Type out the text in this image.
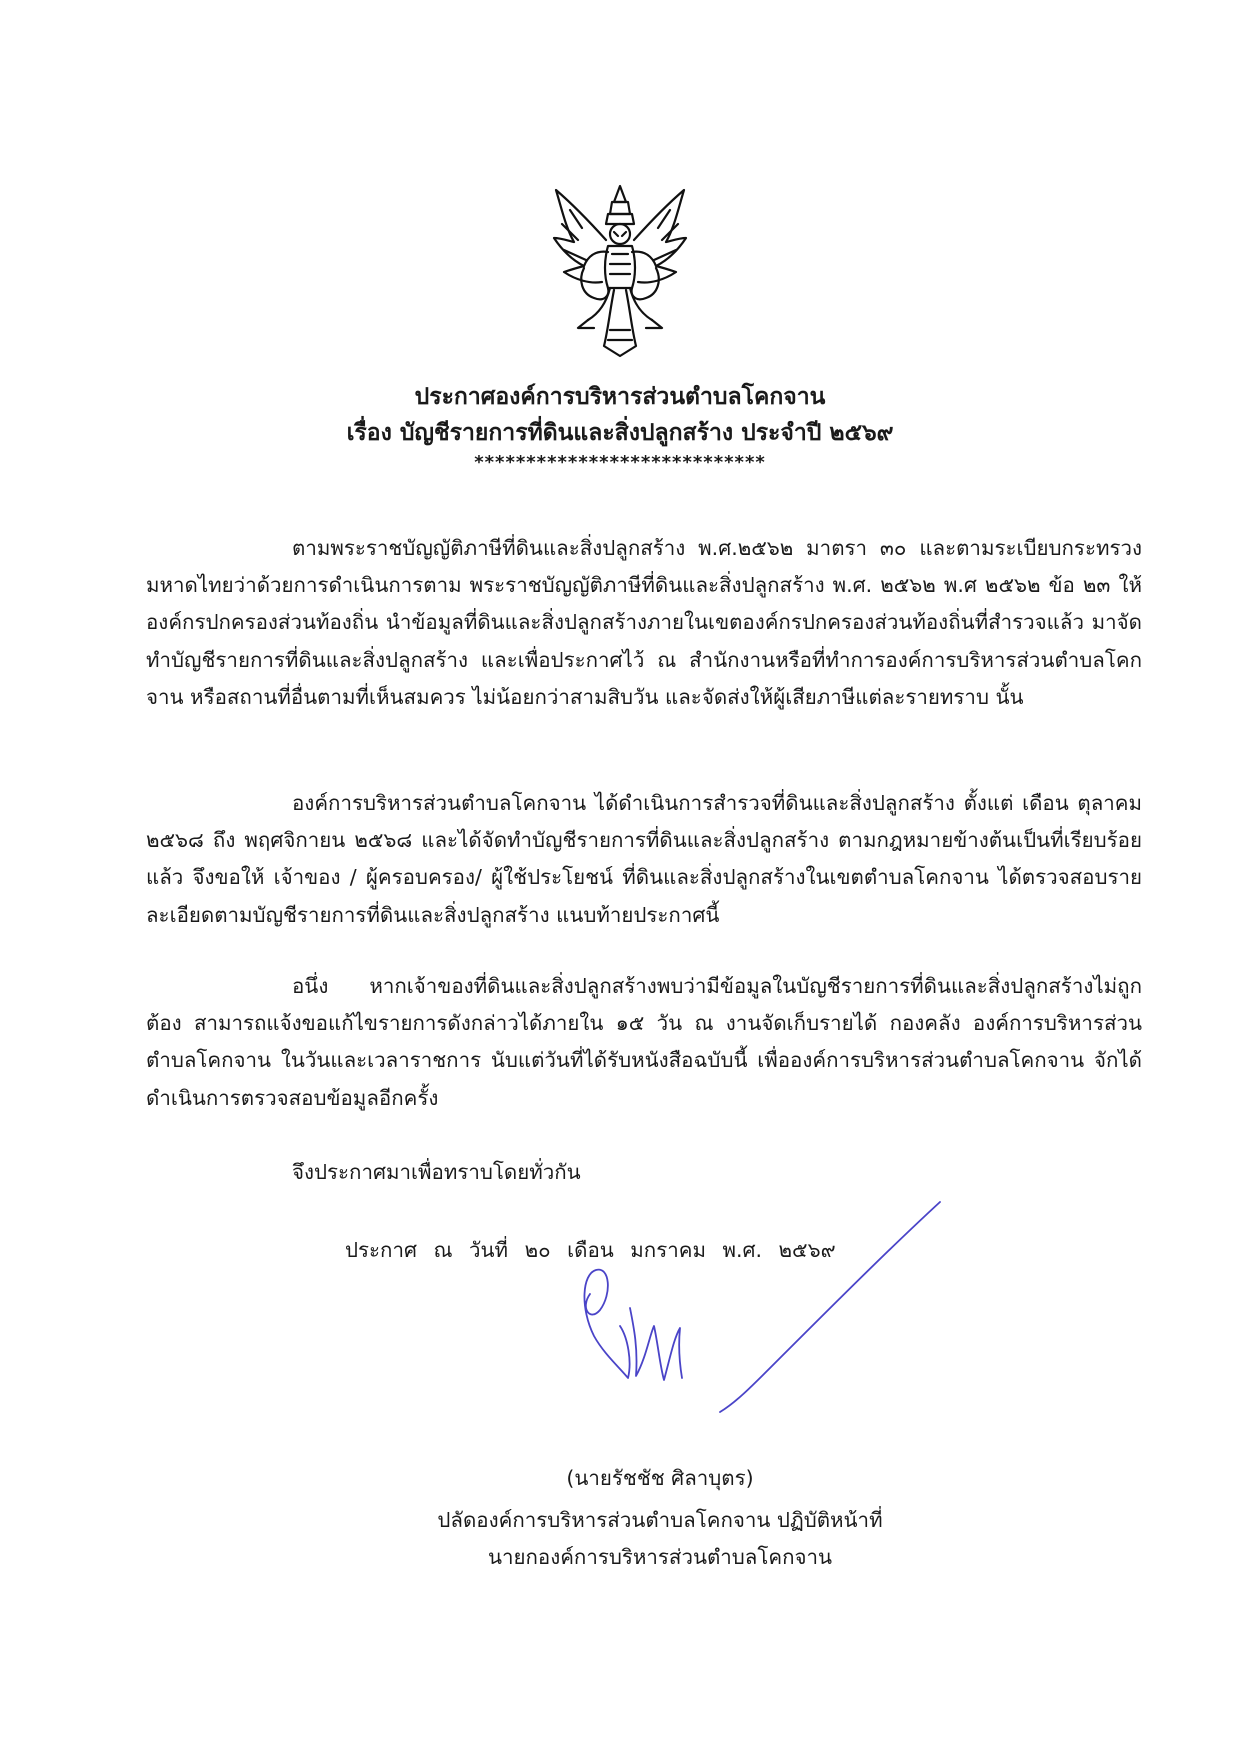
ประกาศองค์การบริหารส่วนตำบลโคกจาน
เรื่อง บัญชีรายการที่ดินและสิ่งปลูกสร้าง ประจำปี ๒๕๖๙
****************************
ตามพระราชบัญญัติภาษีที่ดินและสิ่งปลูกสร้าง พ.ศ.๒๕๖๒ มาตรา ๓๐ และตามระเบียบกระทรวงมหาดไทยว่าด้วยการดำเนินการตาม พระราชบัญญัติภาษีที่ดินและสิ่งปลูกสร้าง พ.ศ. ๒๕๖๒ พ.ศ ๒๕๖๒ ข้อ ๒๓ ให้องค์กรปกครองส่วนท้องถิ่น นำข้อมูลที่ดินและสิ่งปลูกสร้างภายในเขตองค์กรปกครองส่วนท้องถิ่นที่สำรวจแล้ว มาจัดทำบัญชีรายการที่ดินและสิ่งปลูกสร้าง และเพื่อประกาศไว้ ณ สำนักงานหรือที่ทำการองค์การบริหารส่วนตำบลโคกจาน หรือสถานที่อื่นตามที่เห็นสมควร ไม่น้อยกว่าสามสิบวัน และจัดส่งให้ผู้เสียภาษีแต่ละรายทราบ นั้น
องค์การบริหารส่วนตำบลโคกจาน ได้ดำเนินการสำรวจที่ดินและสิ่งปลูกสร้าง ตั้งแต่ เดือน ตุลาคม ๒๕๖๘ ถึง พฤศจิกายน ๒๕๖๘ และได้จัดทำบัญชีรายการที่ดินและสิ่งปลูกสร้าง ตามกฎหมายข้างต้นเป็นที่เรียบร้อยแล้ว จึงขอให้ เจ้าของ / ผู้ครอบครอง/ ผู้ใช้ประโยชน์ ที่ดินและสิ่งปลูกสร้างในเขตตำบลโคกจาน ได้ตรวจสอบรายละเอียดตามบัญชีรายการที่ดินและสิ่งปลูกสร้าง แนบท้ายประกาศนี้
อนึ่ง หากเจ้าของที่ดินและสิ่งปลูกสร้างพบว่ามีข้อมูลในบัญชีรายการที่ดินและสิ่งปลูกสร้างไม่ถูกต้อง สามารถแจ้งขอแก้ไขรายการดังกล่าวได้ภายใน ๑๕ วัน ณ งานจัดเก็บรายได้ กองคลัง องค์การบริหารส่วนตำบลโคกจาน ในวันและเวลาราชการ นับแต่วันที่ได้รับหนังสือฉบับนี้ เพื่อองค์การบริหารส่วนตำบลโคกจาน จักได้ดำเนินการตรวจสอบข้อมูลอีกครั้ง
จึงประกาศมาเพื่อทราบโดยทั่วกัน
ประกาศ ณ วันที่ ๒๐ เดือน มกราคม พ.ศ. ๒๕๖๙
(นายรัชชัช ศิลาบุตร)
ปลัดองค์การบริหารส่วนตำบลโคกจาน ปฏิบัติหน้าที่
นายกองค์การบริหารส่วนตำบลโคกจาน
